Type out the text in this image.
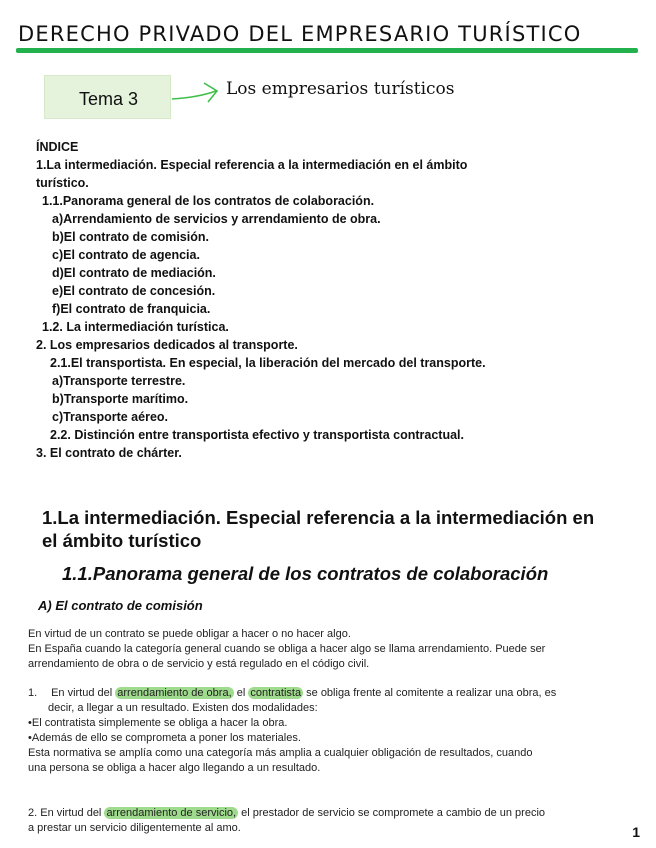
DERECHO PRIVADO DEL EMPRESARIO TURÍSTICO
Tema 3	Los empresarios turísticos
ÍNDICE
1.La intermediación. Especial referencia a la intermediación en el ámbito
turístico.
1.1.Panorama general de los contratos de colaboración.
a)Arrendamiento de servicios y arrendamiento de obra.
b)El contrato de comisión.
c)El contrato de agencia.
d)El contrato de mediación.
e)El contrato de concesión.
f)El contrato de franquicia.
1.2. La intermediación turística.
2. Los empresarios dedicados al transporte.
2.1.El transportista. En especial, la liberación del mercado del transporte.
a)Transporte terrestre.
b)Transporte marítimo.
c)Transporte aéreo.
2.2. Distinción entre transportista efectivo y transportista contractual.
3. El contrato de chárter.
1.La intermediación. Especial referencia a la intermediación en
el ámbito turístico
1.1.Panorama general de los contratos de colaboración
A) El contrato de comisión
En virtud de un contrato se puede obligar a hacer o no hacer algo.
En España cuando la categoría general cuando se obliga a hacer algo se llama arrendamiento. Puede ser
arrendamiento de obra o de servicio y está regulado en el código civil.
1. En virtud del arrendamiento de obra, el contratista se obliga frente al comitente a realizar una obra, es
decir, a llegar a un resultado. Existen dos modalidades:
•El contratista simplemente se obliga a hacer la obra.
•Además de ello se comprometa a poner los materiales.
Esta normativa se amplía como una categoría más amplia a cualquier obligación de resultados, cuando
una persona se obliga a hacer algo llegando a un resultado.
2. En virtud del arrendamiento de servicio, el prestador de servicio se compromete a cambio de un precio
a prestar un servicio diligentemente al amo.	1
